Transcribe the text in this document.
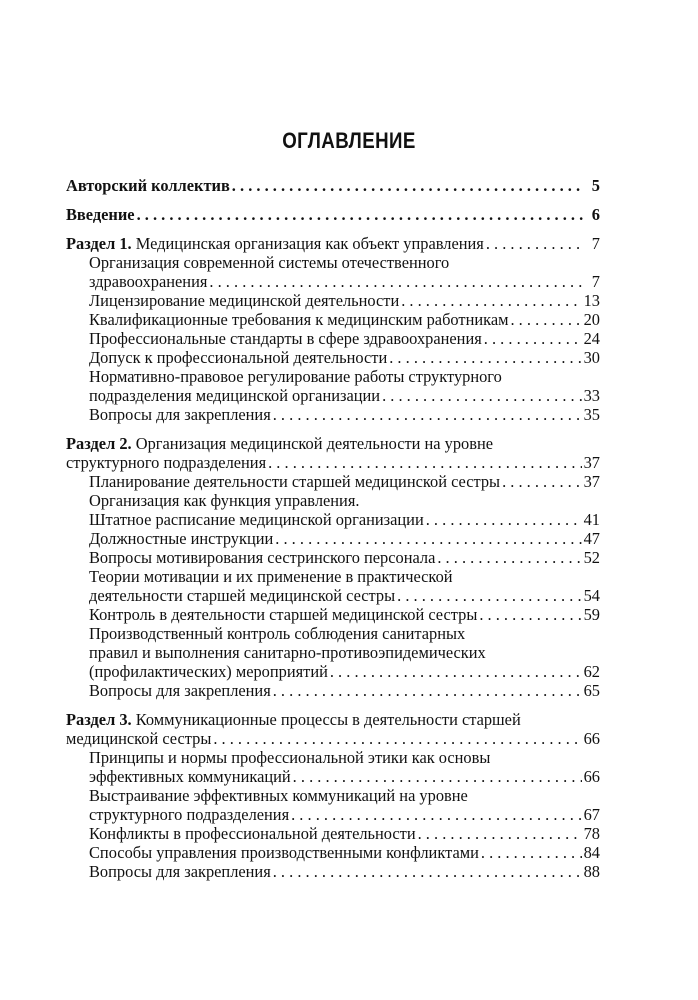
ОГЛАВЛЕНИЕ
Авторский коллектив . . .	5
Введение . . .	6
Раздел 1. Медицинская организация как объект управления . . .	7
Организация современной системы отечественного
здравоохранения . . .	7
Лицензирование медицинской деятельности . . .	13
Квалификационные требования к медицинским работникам . . .	20
Профессиональные стандарты в сфере здравоохранения . . .	24
Допуск к профессиональной деятельности . . .	30
Нормативно-правовое регулирование работы структурного
подразделения медицинской организации . . .	33
Вопросы для закрепления . . .	35
Раздел 2. Организация медицинской деятельности на уровне
структурного подразделения . . .	37
Планирование деятельности старшей медицинской сестры . . .	37
Организация как функция управления.
Штатное расписание медицинской организации . . .	41
Должностные инструкции . . .	47
Вопросы мотивирования сестринского персонала . . .	52
Теории мотивации и их применение в практической
деятельности старшей медицинской сестры . . .	54
Контроль в деятельности старшей медицинской сестры . . .	59
Производственный контроль соблюдения санитарных
правил и выполнения санитарно-противоэпидемических
(профилактических) мероприятий . . .	62
Вопросы для закрепления . . .	65
Раздел 3. Коммуникационные процессы в деятельности старшей
медицинской сестры . . .	66
Принципы и нормы профессиональной этики как основы
эффективных коммуникаций . . .	66
Выстраивание эффективных коммуникаций на уровне
структурного подразделения . . .	67
Конфликты в профессиональной деятельности . . .	78
Способы управления производственными конфликтами . . .	84
Вопросы для закрепления . . .	88
